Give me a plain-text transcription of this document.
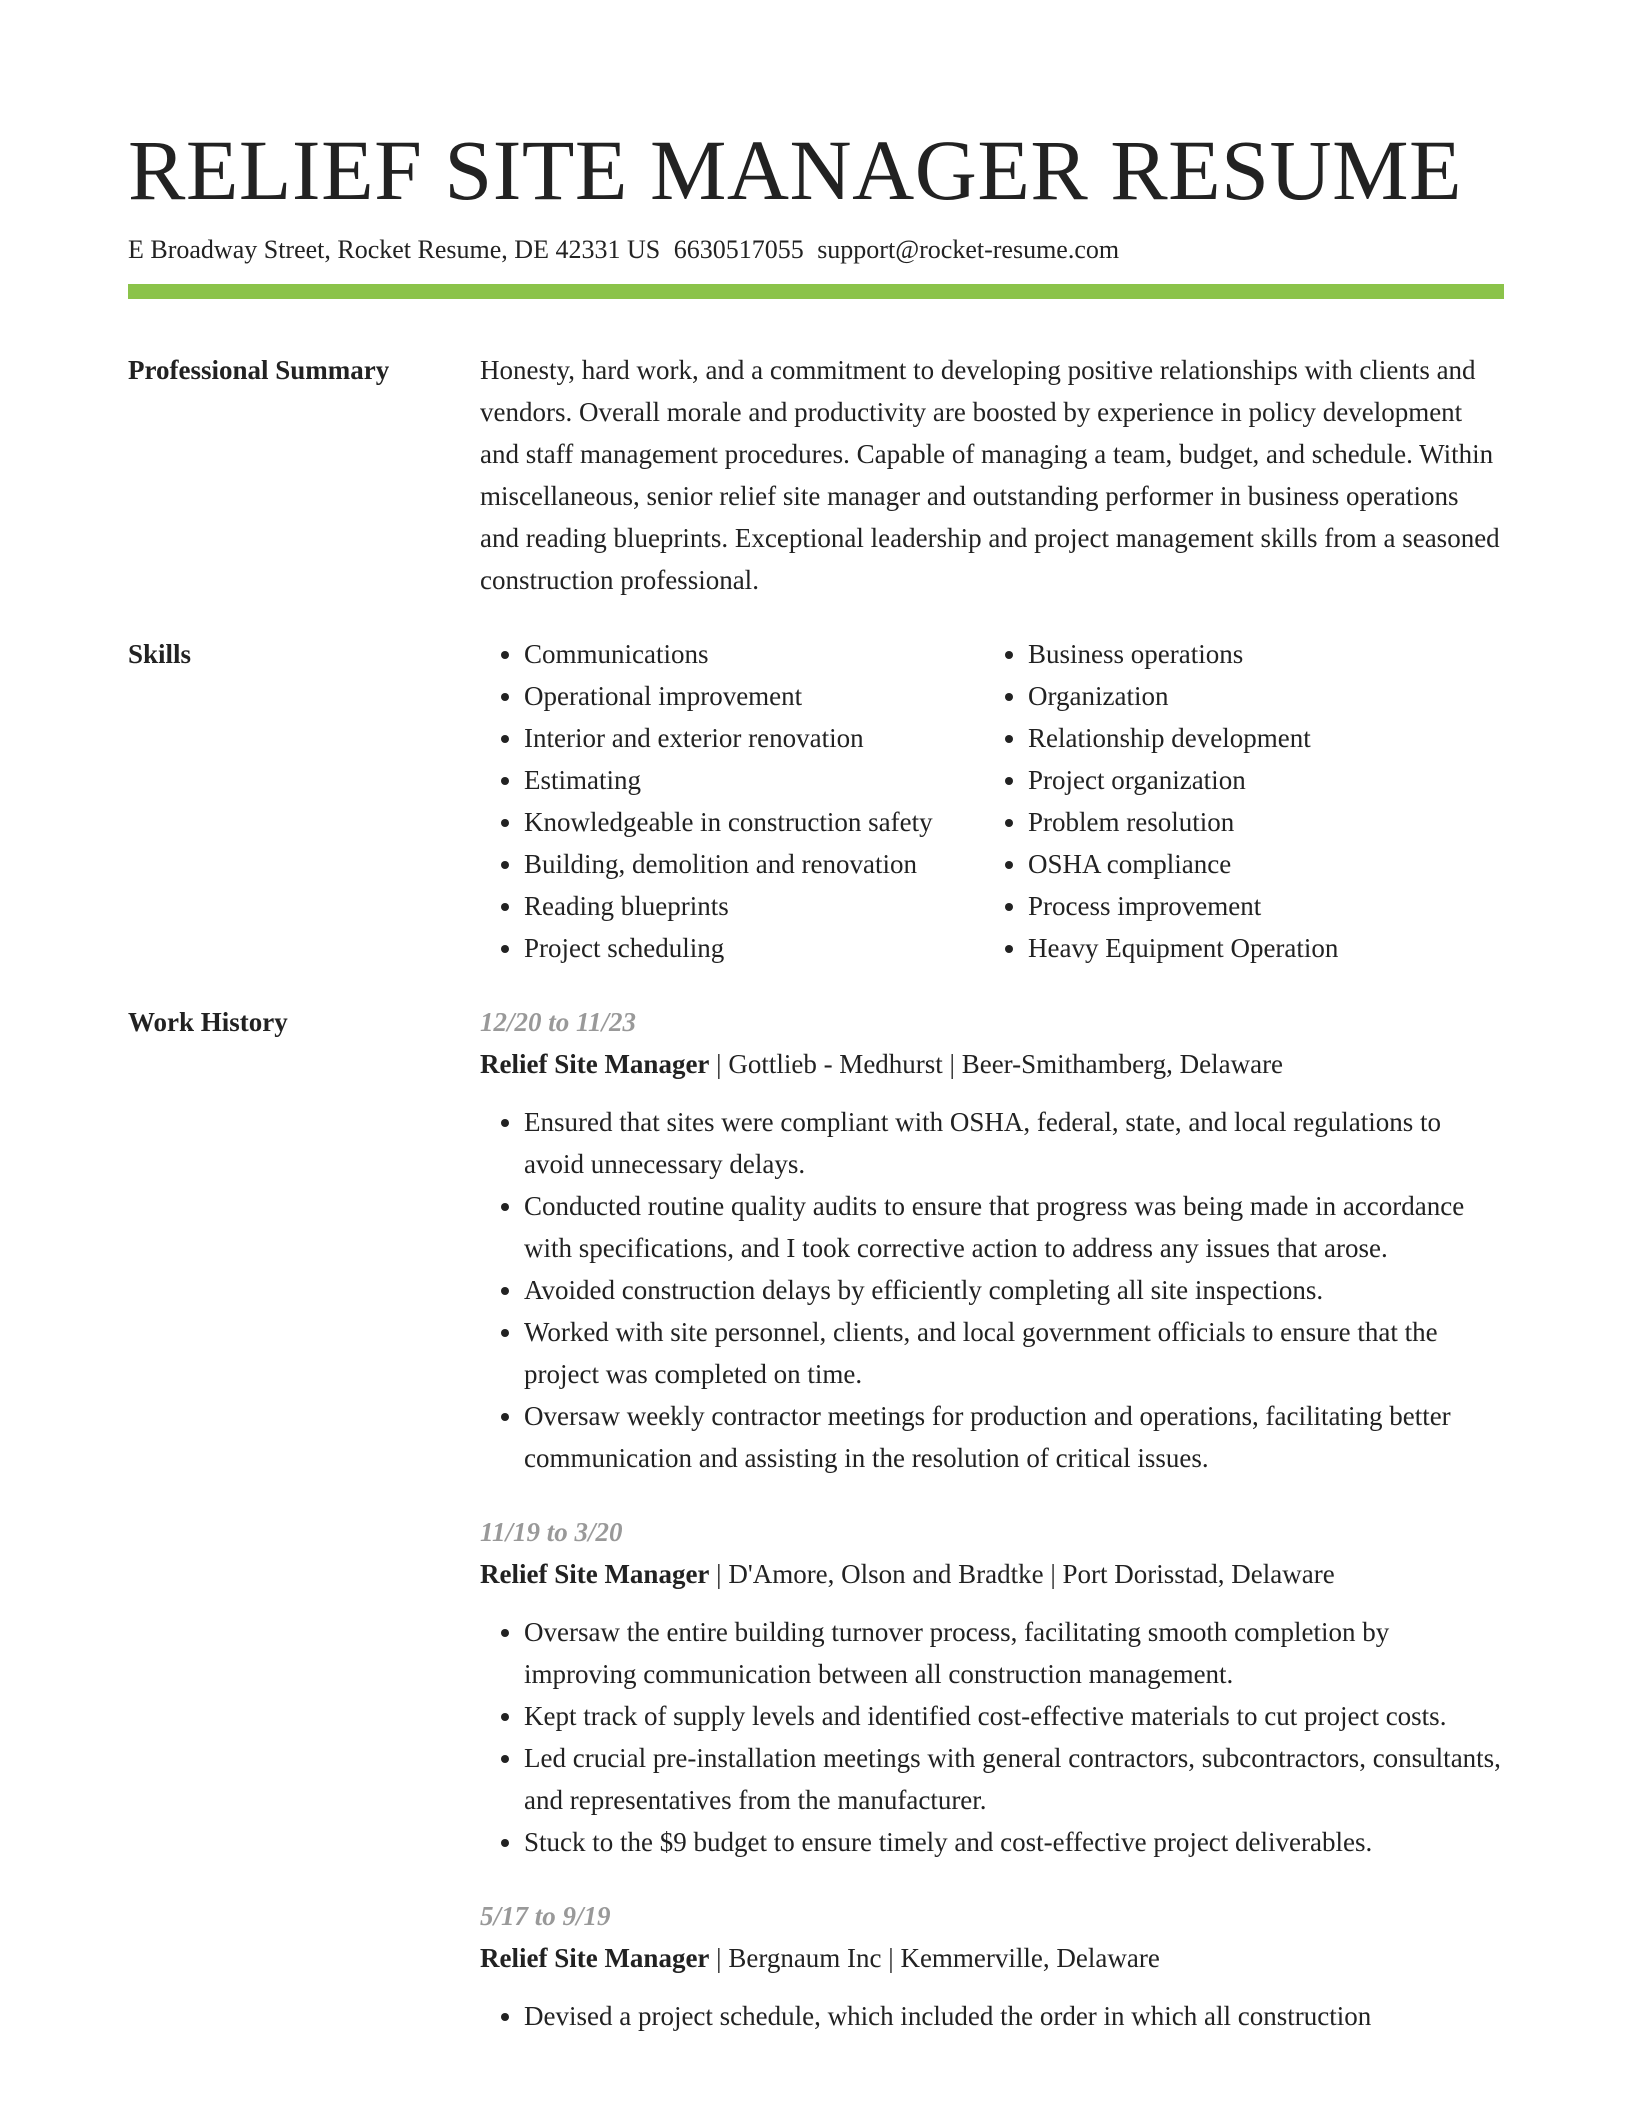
RELIEF SITE MANAGER RESUME
E Broadway Street, Rocket Resume, DE 42331 US 6630517055 support@rocket-resume.com
Professional Summary	Honesty, hard work, and a commitment to developing positive relationships with clients and vendors. Overall morale and productivity are boosted by experience in policy development and staff management procedures. Capable of managing a team, budget, and schedule. Within miscellaneous, senior relief site manager and outstanding performer in business operations and reading blueprints. Exceptional leadership and project management skills from a seasoned construction professional.
Skills
•	Communications
• Operational improvement
• Interior and exterior renovation
• Estimating
• Knowledgeable in construction safety
• Building, demolition and renovation
• Reading blueprints
• Project scheduling
• Business operations
• Organization
• Relationship development
• Project organization
• Problem resolution
• OSHA compliance
• Process improvement
• Heavy Equipment Operation
Work History	12/20 to 11/23
Relief Site Manager | Gottlieb - Medhurst | Beer-Smithamberg, Delaware
• Ensured that sites were compliant with OSHA, federal, state, and local regulations to avoid unnecessary delays.
• Conducted routine quality audits to ensure that progress was being made in accordance with specifications, and I took corrective action to address any issues that arose.
• Avoided construction delays by efficiently completing all site inspections.
• Worked with site personnel, clients, and local government officials to ensure that the project was completed on time.
• Oversaw weekly contractor meetings for production and operations, facilitating better communication and assisting in the resolution of critical issues.
11/19 to 3/20
Relief Site Manager | D'Amore, Olson and Bradtke | Port Dorisstad, Delaware
• Oversaw the entire building turnover process, facilitating smooth completion by improving communication between all construction management.
• Kept track of supply levels and identified cost-effective materials to cut project costs.
• Led crucial pre-installation meetings with general contractors, subcontractors, consultants, and representatives from the manufacturer.
• Stuck to the $9 budget to ensure timely and cost-effective project deliverables.
5/17 to 9/19
Relief Site Manager | Bergnaum Inc | Kemmerville, Delaware
• Devised a project schedule, which included the order in which all construction
